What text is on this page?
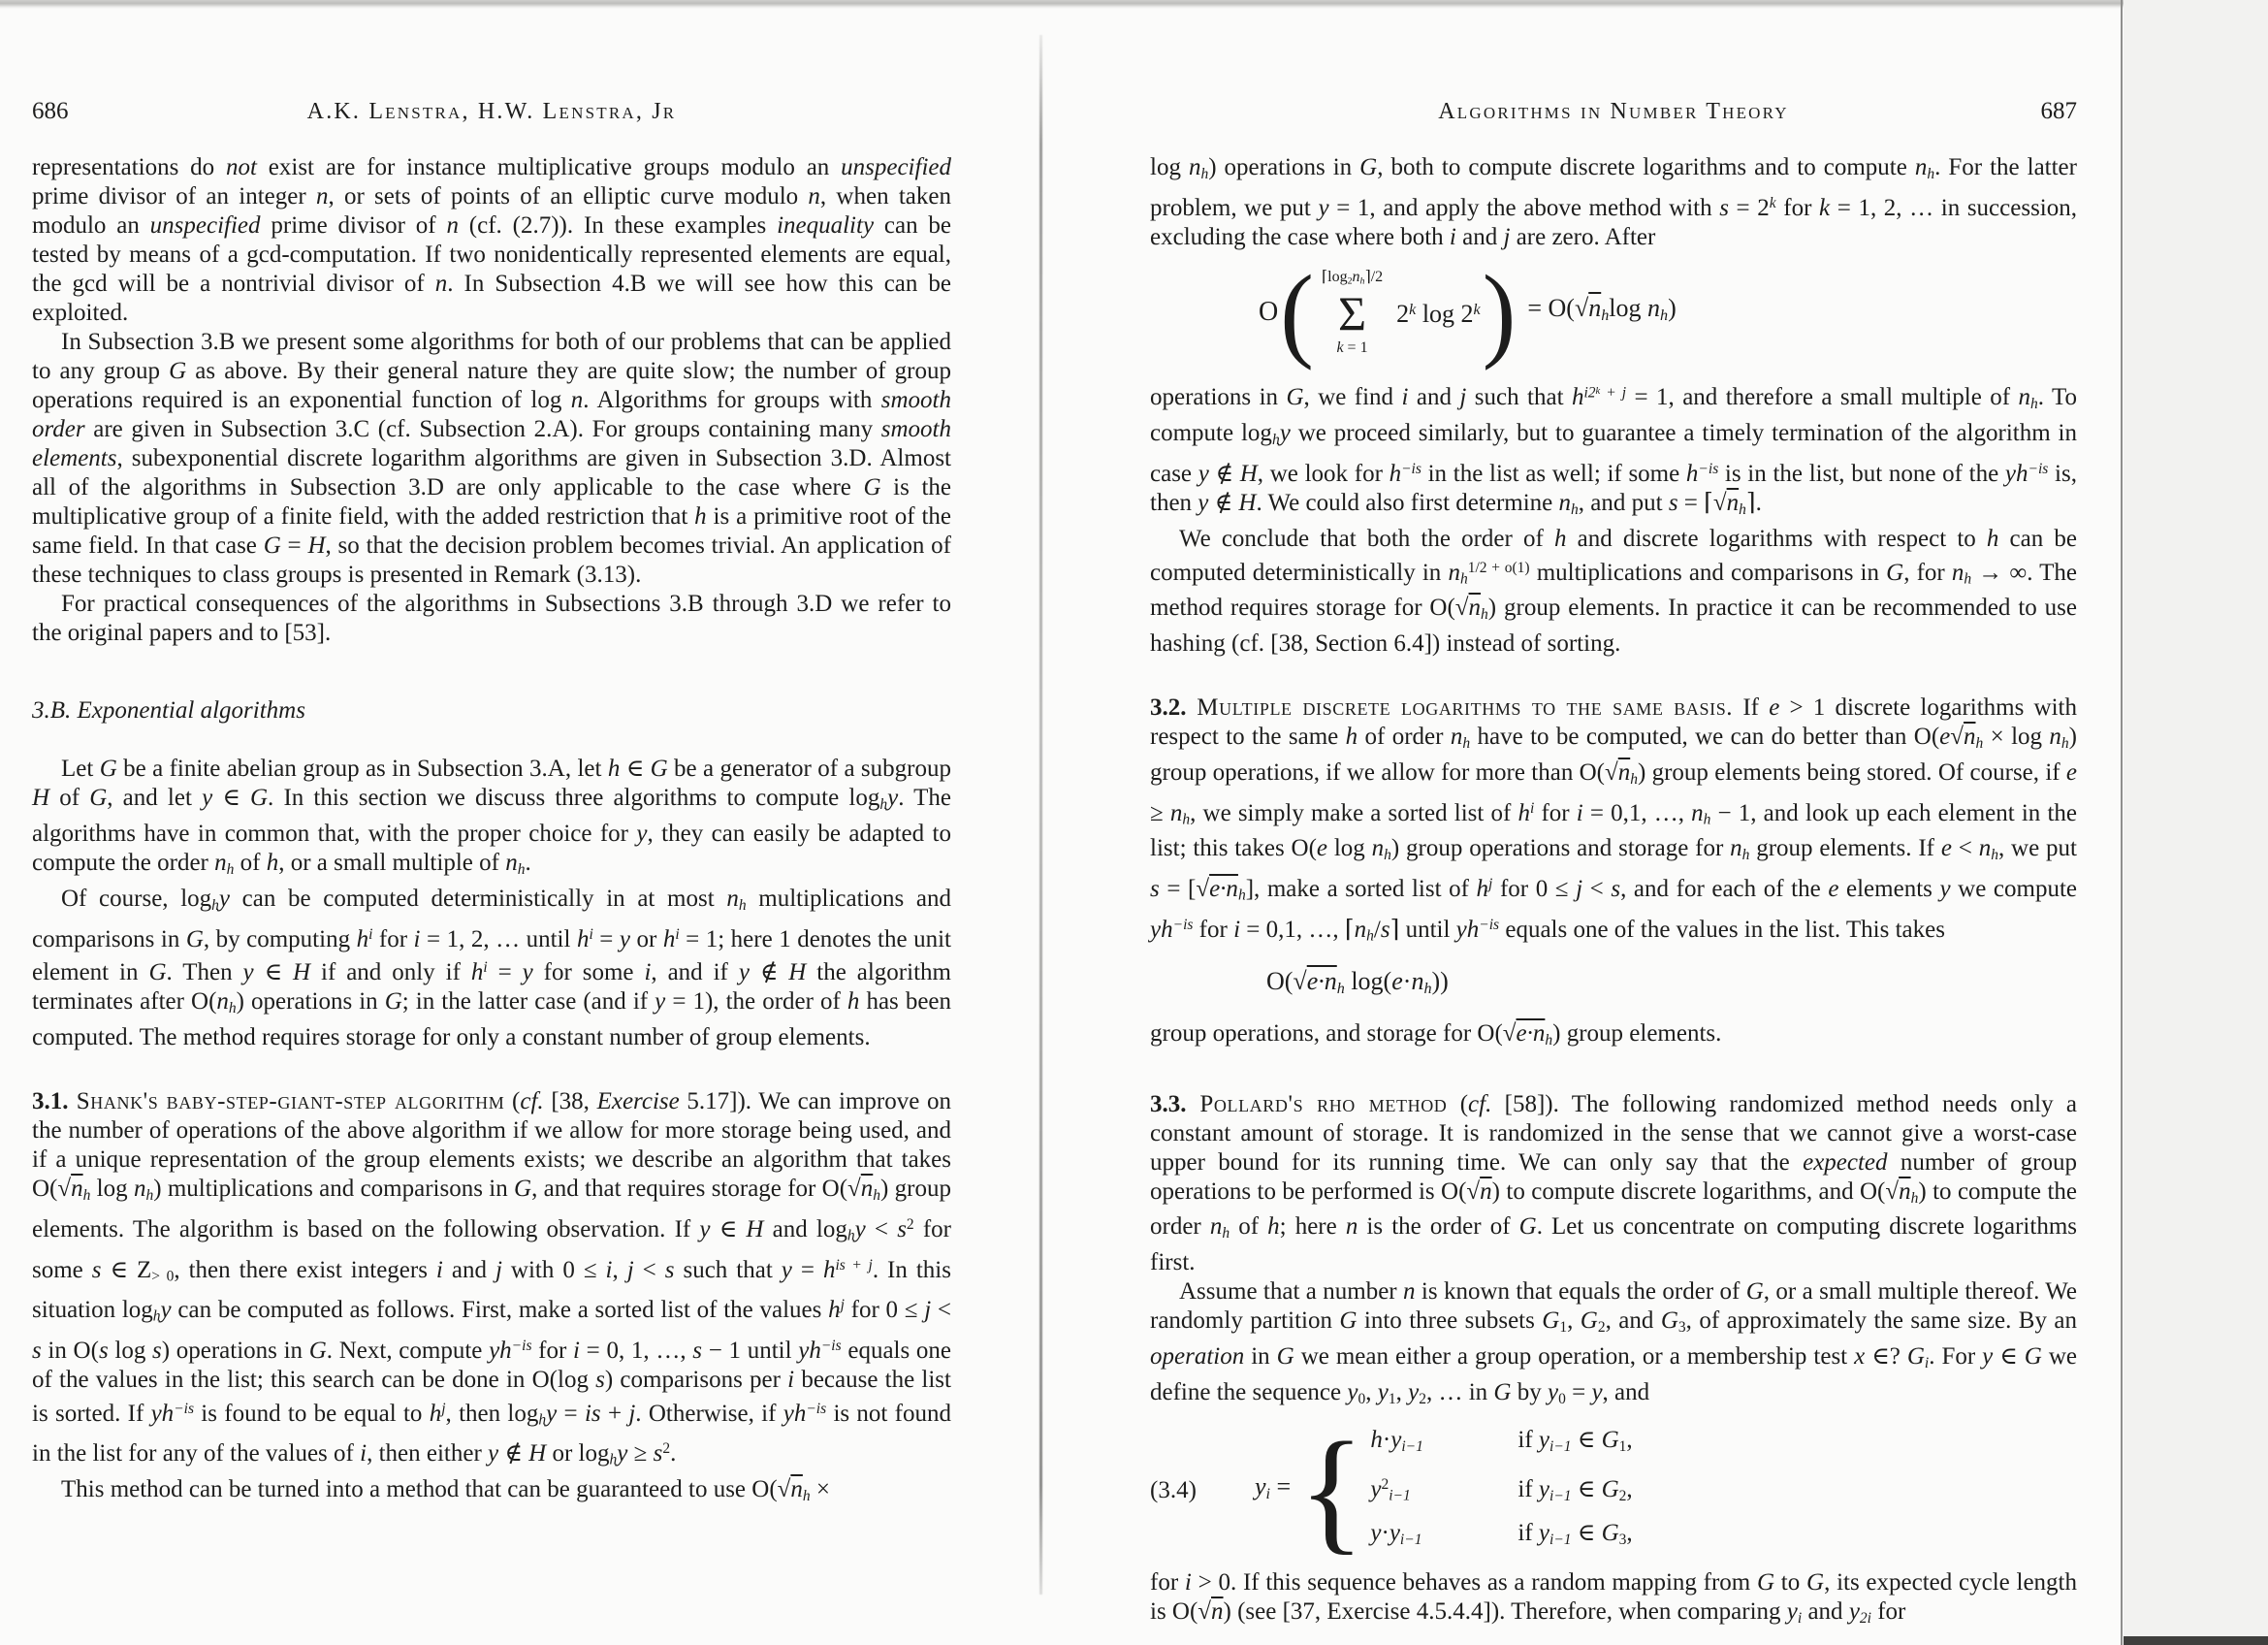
686	A.K. Lenstra, H.W. Lenstra, Jr

representations do not exist are for instance multiplicative groups modulo an unspecified prime divisor of an integer n, or sets of points of an elliptic curve modulo n, when taken modulo an unspecified prime divisor of n (cf. (2.7)). In these examples inequality can be tested by means of a gcd-computation. If two nonidentically represented elements are equal, the gcd will be a nontrivial divisor of n. In Subsection 4.B we will see how this can be exploited.

In Subsection 3.B we present some algorithms for both of our problems that can be applied to any group G as above. By their general nature they are quite slow; the number of group operations required is an exponential function of log n. Algorithms for groups with smooth order are given in Subsection 3.C (cf. Subsection 2.A). For groups containing many smooth elements, subexponential discrete logarithm algorithms are given in Subsection 3.D. Almost all of the algorithms in Subsection 3.D are only applicable to the case where G is the multiplicative group of a finite field, with the added restriction that h is a primitive root of the same field. In that case G = H, so that the decision problem becomes trivial. An application of these techniques to class groups is presented in Remark (3.13).

For practical consequences of the algorithms in Subsections 3.B through 3.D we refer to the original papers and to [53].

3.B. Exponential algorithms

Let G be a finite abelian group as in Subsection 3.A, let h ∈ G be a generator of a subgroup H of G, and let y ∈ G. In this section we discuss three algorithms to compute loghy. The algorithms have in common that, with the proper choice for y, they can easily be adapted to compute the order nh of h, or a small multiple of nh.

Of course, loghy can be computed deterministically in at most nh multiplications and comparisons in G, by computing $h^i$ for i = 1, 2, … until $h^i = y$ or $h^i = 1$; here 1 denotes the unit element in G. Then y ∈ H if and only if $h^i = y$ for some i, and if y ∉ H the algorithm terminates after O(nh) operations in G; in the latter case (and if y = 1), the order of h has been computed. The method requires storage for only a constant number of group elements.

3.1. Shank's baby-step-giant-step algorithm (cf. [38, Exercise 5.17]). We can improve on the number of operations of the above algorithm if we allow for more storage being used, and if a unique representation of the group elements exists; we describe an algorithm that takes O(√nh log nh) multiplications and comparisons in G, and that requires storage for O(√nh) group elements. The algorithm is based on the following observation. If y ∈ H and loghy < $s^2$ for some s ∈ Z> 0, then there exist integers i and j with 0 ≤ i, j < s such that $y = h^{is + j}$. In this situation loghy can be computed as follows. First, make a sorted list of the values $h^j$ for 0 ≤ j < s in O(s log s) operations in G. Next, compute $yh^{-is}$ for i = 0, 1, …, s − 1 until $yh^{-is}$ equals one of the values in the list; this search can be done in O(log s) comparisons per i because the list is sorted. If $yh^{-is}$ is found to be equal to $h^j$, then loghy = is + j. Otherwise, if $yh^{-is}$ is not found in the list for any of the values of i, then either y ∉ H or loghy ≥ $s^2$.

This method can be turned into a method that can be guaranteed to use O(√nh ×

Algorithms in Number Theory	687

log nh) operations in G, both to compute discrete logarithms and to compute nh. For the latter problem, we put y = 1, and apply the above method with $s = 2^k$ for k = 1, 2, … in succession, excluding the case where both i and j are zero. After

O ( ⌈log2nh⌉/2
Σ
k = 1
2$^k$ log 2$^k$ ) = O(√nhlog nh)

operations in G, we find i and j such that $h^{i2k}$ $^{+ j}$ = 1, and therefore a small multiple of nh. To compute loghy we proceed similarly, but to guarantee a timely termination of the algorithm in case y ∉ H, we look for $h^{-is}$ in the list as well; if some $h^{-is}$ is in the list, but none of the $yh^{-is}$ is, then y ∉ H. We could also first determine nh, and put s = ⌈√nh⌉.

We conclude that both the order of h and discrete logarithms with respect to h can be computed deterministically in $nh^{1/2 + o(1)}$ multiplications and comparisons in G, for nh → ∞. The method requires storage for O(√nh) group elements. In practice it can be recommended to use hashing (cf. [38, Section 6.4]) instead of sorting.

3.2. Multiple discrete logarithms to the same basis. If e > 1 discrete logarithms with respect to the same h of order nh have to be computed, we can do better than O(e√nh × log nh) group operations, if we allow for more than O(√nh) group elements being stored. Of course, if e ≥ nh, we simply make a sorted list of $h^i$ for i = 0,1, …, nh − 1, and look up each element in the list; this takes O(e log nh) group operations and storage for nh group elements. If e < nh, we put s = [√e·nh], make a sorted list of $h^j$ for 0 ≤ j < s, and for each of the e elements y we compute $yh^{-is}$ for i = 0,1, …, ⌈nh/s⌉ until $yh^{-is}$ equals one of the values in the list. This takes

O(√e·nh log(e·nh))

group operations, and storage for O(√e·nh) group elements.

3.3. Pollard's rho method (cf. [58]). The following randomized method needs only a constant amount of storage. It is randomized in the sense that we cannot give a worst-case upper bound for its running time. We can only say that the expected number of group operations to be performed is O(√n) to compute discrete logarithms, and O(√nh) to compute the order nh of h; here n is the order of G. Let us concentrate on computing discrete logarithms first.

Assume that a number n is known that equals the order of G, or a small multiple thereof. We randomly partition G into three subsets G1, G2, and G3, of approximately the same size. By an operation in G we mean either a group operation, or a membership test x ∈? Gi. For y ∈ G we define the sequence y0, y1, y2, … in G by y0 = y, and

(3.4)	yi = { h·yi−1	if yi−1 ∈ G1,
$y^2i-1$	if yi−1 ∈ G2,
y·yi−1	if yi−1 ∈ G3,

for i > 0. If this sequence behaves as a random mapping from G to G, its expected cycle length is O(√n) (see [37, Exercise 4.5.4.4]). Therefore, when comparing yi and y2i for
